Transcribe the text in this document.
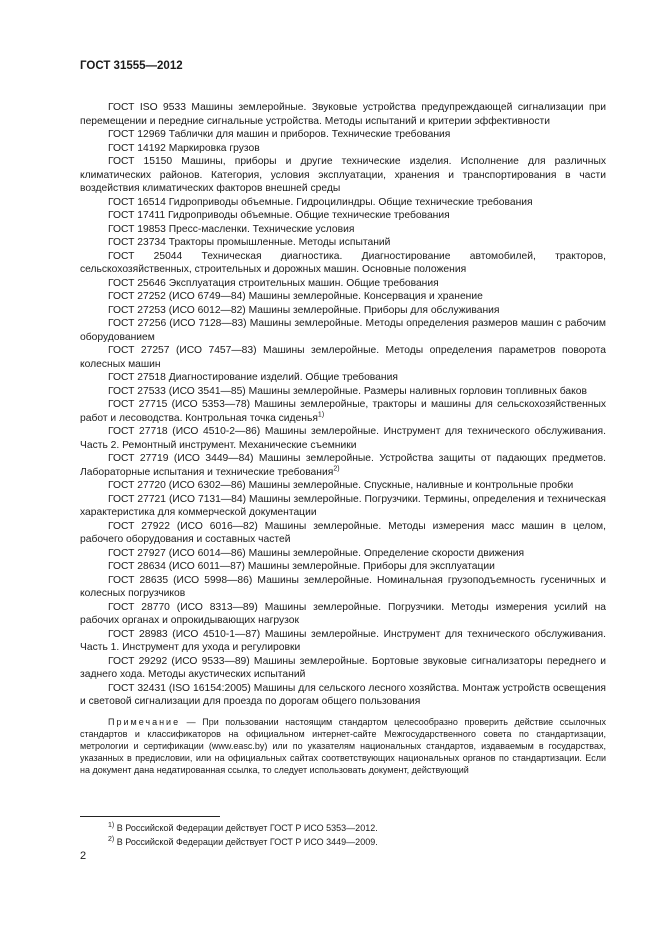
ГОСТ 31555—2012

ГОСТ ISO 9533 Машины землеройные. Звуковые устройства предупреждающей сигнализации при перемещении и передние сигнальные устройства. Методы испытаний и критерии эффективности

ГОСТ 12969 Таблички для машин и приборов. Технические требования

ГОСТ 14192 Маркировка грузов

ГОСТ 15150 Машины, приборы и другие технические изделия. Исполнение для различных климатических районов. Категория, условия эксплуатации, хранения и транспортирования в части воздействия климатических факторов внешней среды

ГОСТ 16514 Гидроприводы объемные. Гидроцилиндры. Общие технические требования

ГОСТ 17411 Гидроприводы объемные. Общие технические требования

ГОСТ 19853 Пресс-масленки. Технические условия

ГОСТ 23734 Тракторы промышленные. Методы испытаний

ГОСТ 25044 Техническая диагностика. Диагностирование автомобилей, тракторов, сельскохозяйственных, строительных и дорожных машин. Основные положения

ГОСТ 25646 Эксплуатация строительных машин. Общие требования

ГОСТ 27252 (ИСО 6749—84) Машины землеройные. Консервация и хранение

ГОСТ 27253 (ИСО 6012—82) Машины землеройные. Приборы для обслуживания

ГОСТ 27256 (ИСО 7128—83) Машины землеройные. Методы определения размеров машин с рабочим оборудованием

ГОСТ 27257 (ИСО 7457—83) Машины землеройные. Методы определения параметров поворота колесных машин

ГОСТ 27518 Диагностирование изделий. Общие требования

ГОСТ 27533 (ИСО 3541—85) Машины землеройные. Размеры наливных горловин топливных баков

ГОСТ 27715 (ИСО 5353—78) Машины землеройные, тракторы и машины для сельскохозяйственных работ и лесоводства. Контрольная точка сиденья$^{1)}$

ГОСТ 27718 (ИСО 4510-2—86) Машины землеройные. Инструмент для технического обслуживания. Часть 2. Ремонтный инструмент. Механические съемники

ГОСТ 27719 (ИСО 3449—84) Машины землеройные. Устройства защиты от падающих предметов. Лабораторные испытания и технические требования$^{2)}$

ГОСТ 27720 (ИСО 6302—86) Машины землеройные. Спускные, наливные и контрольные пробки

ГОСТ 27721 (ИСО 7131—84) Машины землеройные. Погрузчики. Термины, определения и техническая характеристика для коммерческой документации

ГОСТ 27922 (ИСО 6016—82) Машины землеройные. Методы измерения масс машин в целом, рабочего оборудования и составных частей

ГОСТ 27927 (ИСО 6014—86) Машины землеройные. Определение скорости движения

ГОСТ 28634 (ИСО 6011—87) Машины землеройные. Приборы для эксплуатации

ГОСТ 28635 (ИСО 5998—86) Машины землеройные. Номинальная грузоподъемность гусеничных и колесных погрузчиков

ГОСТ 28770 (ИСО 8313—89) Машины землеройные. Погрузчики. Методы измерения усилий на рабочих органах и опрокидывающих нагрузок

ГОСТ 28983 (ИСО 4510-1—87) Машины землеройные. Инструмент для технического обслуживания. Часть 1. Инструмент для ухода и регулировки

ГОСТ 29292 (ИСО 9533—89) Машины землеройные. Бортовые звуковые сигнализаторы переднего и заднего хода. Методы акустических испытаний

ГОСТ 32431 (ISO 16154:2005) Машины для сельского лесного хозяйства. Монтаж устройств освещения и световой сигнализации для проезда по дорогам общего пользования

Примечание — При пользовании настоящим стандартом целесообразно проверить действие ссылочных стандартов и классификаторов на официальном интернет-сайте Межгосударственного совета по стандартизации, метрологии и сертификации (www.easc.by) или по указателям национальных стандартов, издаваемым в государствах, указанных в предисловии, или на официальных сайтах соответствующих национальных органов по стандартизации. Если на документ дана недатированная ссылка, то следует использовать документ, действующий
$^{1)}$ В Российской Федерации действует ГОСТ Р ИСО 5353—2012.
$^{2)}$ В Российской Федерации действует ГОСТ Р ИСО 3449—2009.
2
